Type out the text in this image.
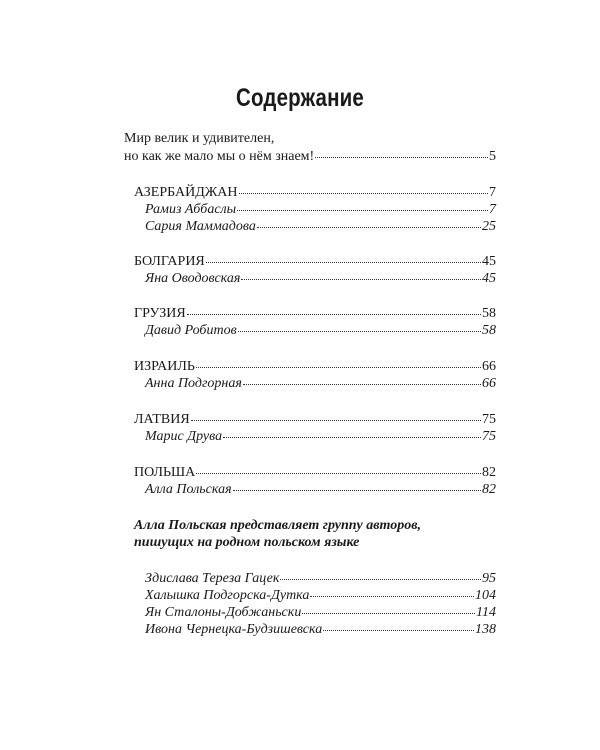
Содержание
Мир велик и удивителен,
но как же мало мы о нём знаем!	5
АЗЕРБАЙДЖАН	7
Рамиз Аббаслы	7
Сария Маммадова	25
БОЛГАРИЯ	45
Яна Оводовская	45
ГРУЗИЯ	58
Давид Робитов	58
ИЗРАИЛЬ	66
Анна Подгорная	66
ЛАТВИЯ	75
Марис Друва	75
ПОЛЬША	82
Алла Польская	82
Алла Польская представляет группу авторов,
пишущих на родном польском языке
Здислава Тереза Гацек	95
Халышка Подгорска-Дутка	104
Ян Сталоны-Добжаньски	114
Ивона Чернецка-Будзишевска	138
